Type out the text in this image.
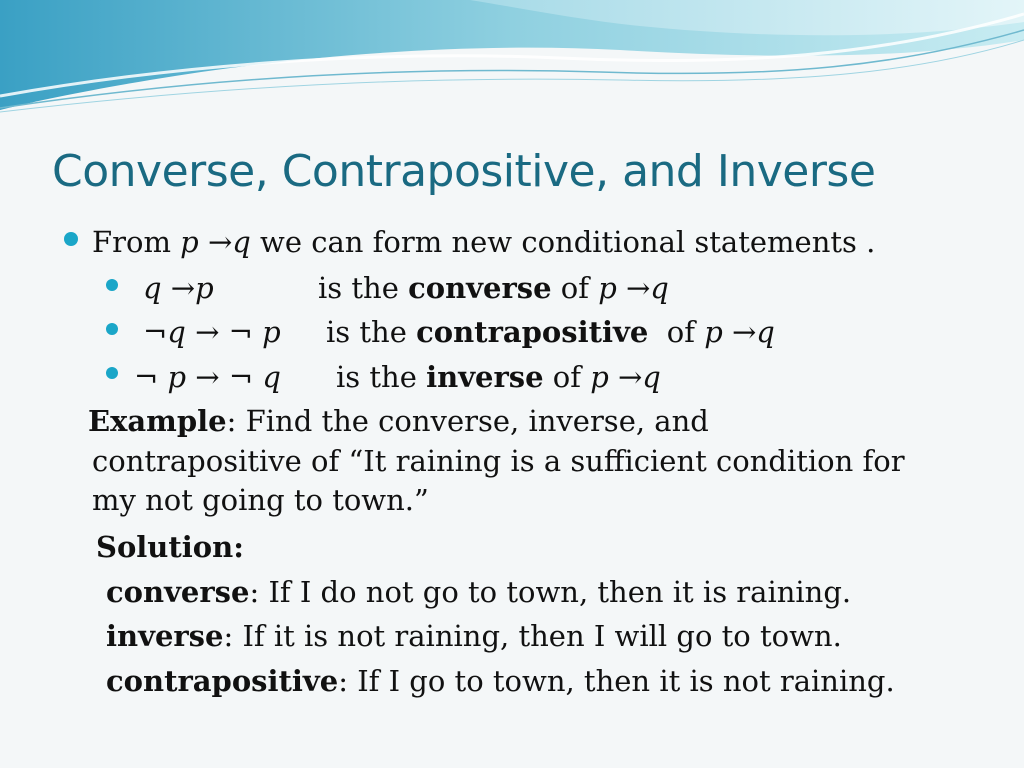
Converse, Contrapositive, and Inverse
From p →q we can form new conditional statements .
q →p	is the converse of p →q
¬q → ¬ p is the contrapositive of p →q
¬ p → ¬ q is the inverse of p →q
Example: Find the converse, inverse, and
contrapositive of “It raining is a sufficient condition for
my not going to town.”
Solution:
converse: If I do not go to town, then it is raining.
inverse: If it is not raining, then I will go to town.
contrapositive: If I go to town, then it is not raining.
